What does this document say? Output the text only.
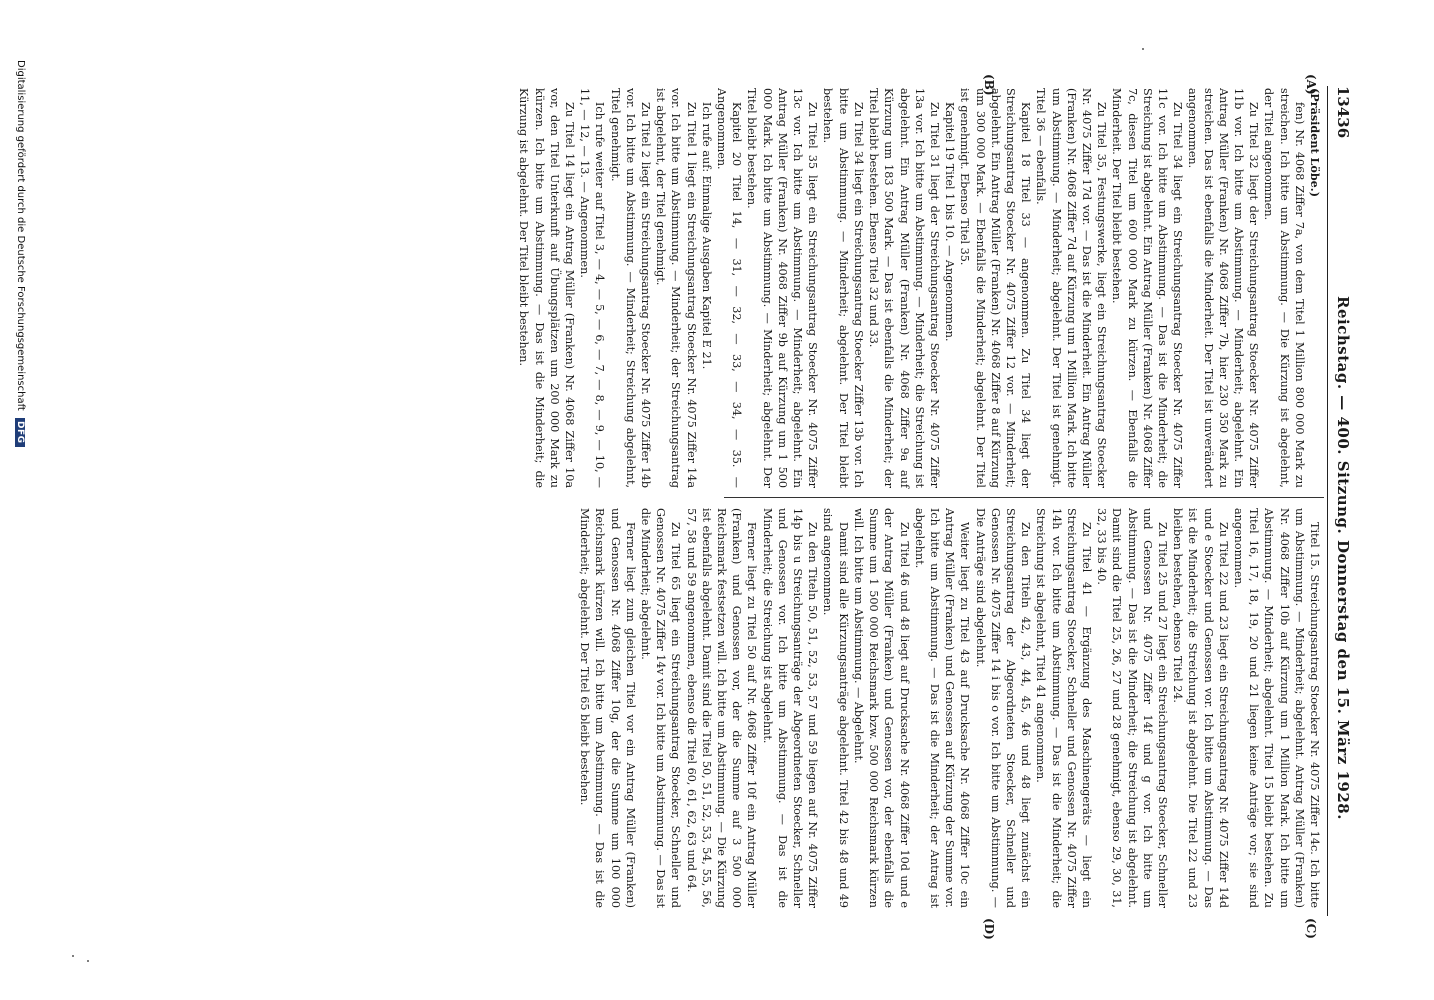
13436
Reichstag. — 400. Sitzung. Donnerstag den 15. März 1928.
(A)
(B)
(C)
(D)

(Präsident Löbe.)

fen) Nr. 4068 Ziffer 7a, von dem Titel 1 Million 800 000 Mark zu streichen. Ich bitte um Abstimmung. — Die Kürzung ist abgelehnt, der Titel angenommen.

Zu Titel 32 liegt der Streichungsantrag Stoecker Nr. 4075 Ziffer 11b vor. Ich bitte um Abstimmung. — Minderheit; abgelehnt. Ein Antrag Müller (Franken) Nr. 4068 Ziffer 7b, hier 230 350 Mark zu streichen. Das ist ebenfalls die Minderheit. Der Titel ist unverändert angenommen.

Zu Titel 34 liegt ein Streichungsantrag Stoecker Nr. 4075 Ziffer 11c vor. Ich bitte um Abstimmung. — Das ist die Minderheit; die Streichung ist abgelehnt. Ein Antrag Müller (Franken) Nr. 4068 Ziffer 7c, diesen Titel um 600 000 Mark zu kürzen. — Ebenfalls die Minderheit. Der Titel bleibt bestehen.

Zu Titel 35, Festungswerke, liegt ein Streichungsantrag Stoecker Nr. 4075 Ziffer 17d vor. — Das ist die Minderheit. Ein Antrag Müller (Franken) Nr. 4068 Ziffer 7d auf Kürzung um 1 Million Mark. Ich bitte um Abstimmung. — Minderheit; abgelehnt. Der Titel ist genehmigt. Titel 36 — ebenfalls.

Kapitel 18 Titel 33 — angenommen. Zu Titel 34 liegt der Streichungsantrag Stoecker Nr. 4075 Ziffer 12 vor. — Minderheit; abgelehnt. Ein Antrag Müller (Franken) Nr. 4068 Ziffer 8 auf Kürzung um 300 000 Mark. — Ebenfalls die Minderheit; abgelehnt. Der Titel ist genehmigt. Ebenso Titel 35.

Kapitel 19 Titel 1 bis 10. — Angenommen.

Zu Titel 31 liegt der Streichungsantrag Stoecker Nr. 4075 Ziffer 13a vor. Ich bitte um Abstimmung. — Minderheit; die Streichung ist abgelehnt. Ein Antrag Müller (Franken) Nr. 4068 Ziffer 9a auf Kürzung um 183 500 Mark. — Das ist ebenfalls die Minderheit; der Titel bleibt bestehen. Ebenso Titel 32 und 33.

Zu Titel 34 liegt ein Streichungsantrag Stoecker Ziffer 13b vor. Ich bitte um Abstimmung. — Minderheit; abgelehnt. Der Titel bleibt bestehen.

Zu Titel 35 liegt ein Streichungsantrag Stoecker Nr. 4075 Ziffer 13c vor. Ich bitte um Abstimmung. — Minderheit; abgelehnt. Ein Antrag Müller (Franken) Nr. 4068 Ziffer 9b auf Kürzung um 1 500 000 Mark. Ich bitte um Abstimmung. — Minderheit; abgelehnt. Der Titel bleibt bestehen.

Kapitel 20 Titel 14, — 31, — 32, — 33, — 34, — 35. — Angenommen.

Ich rufe auf: Einmalige Ausgaben Kapitel E 21.

Zu Titel 1 liegt ein Streichungsantrag Stoecker Nr. 4075 Ziffer 14a vor. Ich bitte um Abstimmung. — Minderheit; der Streichungsantrag ist abgelehnt, der Titel genehmigt.

Zu Titel 2 liegt ein Streichungsantrag Stoecker Nr. 4075 Ziffer 14b vor. Ich bitte um Abstimmung. — Minderheit; Streichung abgelehnt, Titel genehmigt.

Ich rufe weiter auf Titel 3, — 4, — 5, — 6, — 7, — 8, — 9, — 10, — 11, — 12, — 13. — Angenommen.

Zu Titel 14 liegt ein Antrag Müller (Franken) Nr. 4068 Ziffer 10a vor, den Titel Unterkunft auf Übungsplätzen um 200 000 Mark zu kürzen. Ich bitte um Abstimmung. — Das ist die Minderheit; die Kürzung ist abgelehnt. Der Titel bleibt bestehen.

Titel 15. Streichungsantrag Stoecker Nr. 4075 Ziffer 14c. Ich bitte um Abstimmung. — Minderheit; abgelehnt. Antrag Müller (Franken) Nr. 4068 Ziffer 10b auf Kürzung um 1 Million Mark. Ich bitte um Abstimmung. — Minderheit; abgelehnt. Titel 15 bleibt bestehen. Zu Titel 16, 17, 18, 19, 20 und 21 liegen keine Anträge vor; sie sind angenommen.

Zu Titel 22 und 23 liegt ein Streichungsantrag Nr. 4075 Ziffer 14d und e Stoecker und Genossen vor. Ich bitte um Abstimmung. — Das ist die Minderheit; die Streichung ist abgelehnt. Die Titel 22 und 23 bleiben bestehen, ebenso Titel 24.

Zu Titel 25 und 27 liegt ein Streichungsantrag Stoecker, Schneller und Genossen Nr. 4075 Ziffer 14f und g vor. Ich bitte um Abstimmung. — Das ist die Minderheit; die Streichung ist abgelehnt. Damit sind die Titel 25, 26, 27 und 28 genehmigt, ebenso 29, 30, 31, 32, 33 bis 40.

Zu Titel 41 — Ergänzung des Maschinengeräts — liegt ein Streichungsantrag Stoecker, Schneller und Genossen Nr. 4075 Ziffer 14h vor. Ich bitte um Abstimmung. — Das ist die Minderheit; die Streichung ist abgelehnt, Titel 41 angenommen.

Zu den Titeln 42, 43, 44, 45, 46 und 48 liegt zunächst ein Streichungsantrag der Abgeordneten Stoecker, Schneller und Genossen Nr. 4075 Ziffer 14 i bis o vor. Ich bitte um Abstimmung. — Die Anträge sind abgelehnt.

Weiter liegt zu Titel 43 auf Drucksache Nr. 4068 Ziffer 10c ein Antrag Müller (Franken) und Genossen auf Kürzung der Summe vor. Ich bitte um Abstimmung. — Das ist die Minderheit; der Antrag ist abgelehnt.

Zu Titel 46 und 48 liegt auf Drucksache Nr. 4068 Ziffer 10d und e der Antrag Müller (Franken) und Genossen vor, der ebenfalls die Summe um 1 500 000 Reichsmark bzw. 500 000 Reichsmark kürzen will. Ich bitte um Abstimmung. — Abgelehnt.

Damit sind alle Kürzungsanträge abgelehnt. Titel 42 bis 48 und 49 sind angenommen.

Zu den Titeln 50, 51, 52, 53, 57 und 59 liegen auf Nr. 4075 Ziffer 14p bis u Streichungsanträge der Abgeordneten Stoecker, Schneller und Genossen vor. Ich bitte um Abstimmung. — Das ist die Minderheit; die Streichung ist abgelehnt.

Ferner liegt zu Titel 50 auf Nr. 4068 Ziffer 10f ein Antrag Müller (Franken) und Genossen vor, der die Summe auf 3 500 000 Reichsmark festsetzen will. Ich bitte um Abstimmung. — Die Kürzung ist ebenfalls abgelehnt. Damit sind die Titel 50, 51, 52, 53, 54, 55, 56, 57, 58 und 59 angenommen, ebenso die Titel 60, 61, 62, 63 und 64.

Zu Titel 65 liegt ein Streichungsantrag Stoecker, Schneller und Genossen Nr. 4075 Ziffer 14v vor. Ich bitte um Abstimmung. — Das ist die Minderheit; abgelehnt.

Ferner liegt zum gleichen Titel vor ein Antrag Müller (Franken) und Genossen Nr. 4068 Ziffer 10g, der die Summe um 100 000 Reichsmark kürzen will. Ich bitte um Abstimmung. — Das ist die Minderheit; abgelehnt. Der Titel 65 bleibt bestehen.

Digitalisierung gefördert durch die Deutsche Forschungsgemeinschaft DFG
